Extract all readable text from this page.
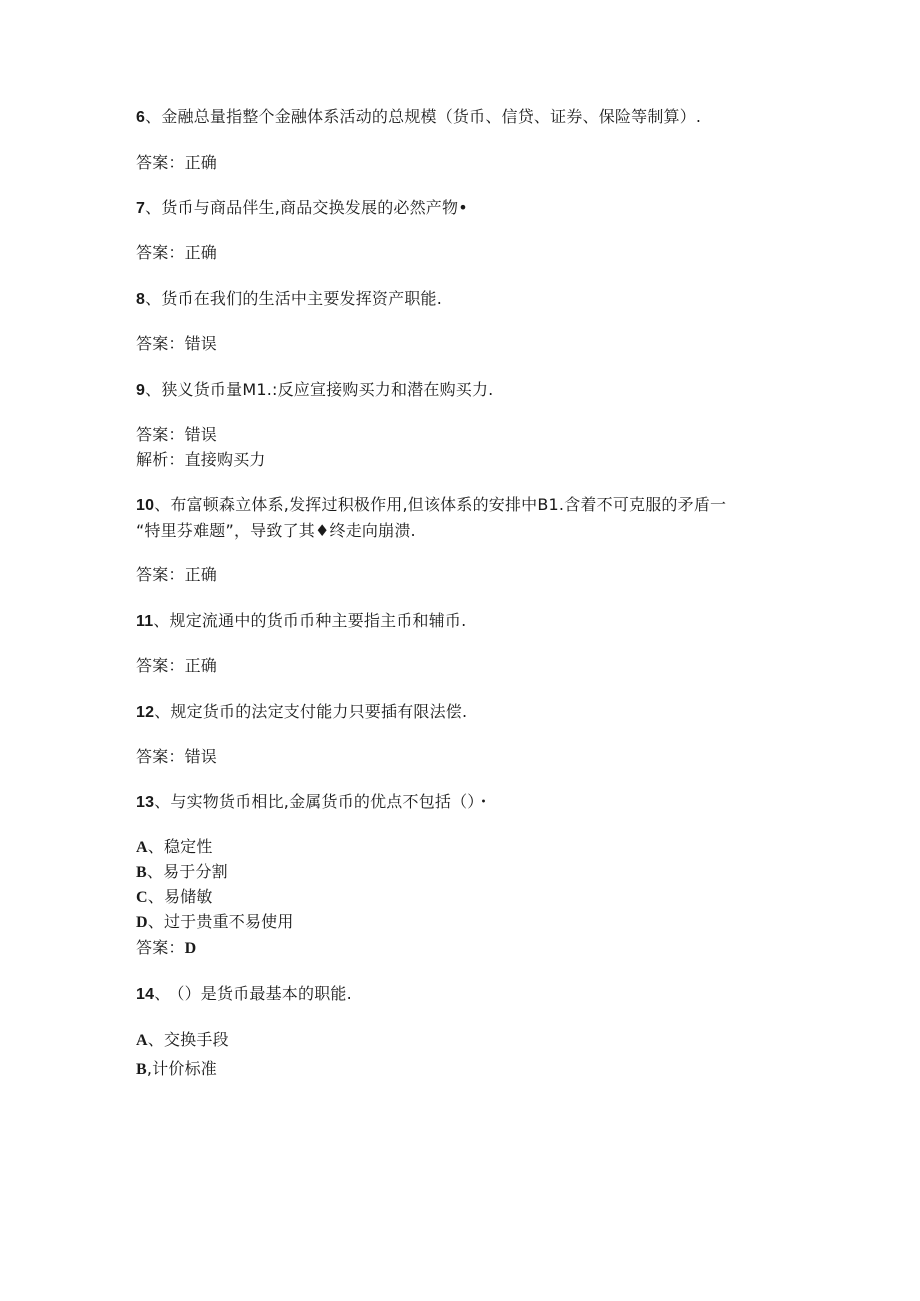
6、金融总量指整个金融体系活动的总规模（货币、信贷、证券、保险等制算）.
答案：正确
7、货币与商品伴生,商品交换发展的必然产物•
答案：正确
8、货币在我们的生活中主要发挥资产职能.
答案：错误
9、狭义货币量M1.:反应宣接购买力和潜在购买力.
答案：错误
解析：直接购买力
10、布富顿森立体系,发挥过积极作用,但该体系的安排中B1.含着不可克服的矛盾一
“特里芬难题”，导致了其♦终走向崩溃.
答案：正确
11、规定流通中的货币币种主要指主币和辅币.
答案：正确
12、规定货币的法定支付能力只要插有限法偿.
答案：错误
13、与实物货币相比,金属货币的优点不包括（）・
A、稳定性
B、易于分割
C、易储敏
D、过于贵重不易使用
答案：D
14、 （）是货币最基本的职能.
A、交换手段
B,计价标准
